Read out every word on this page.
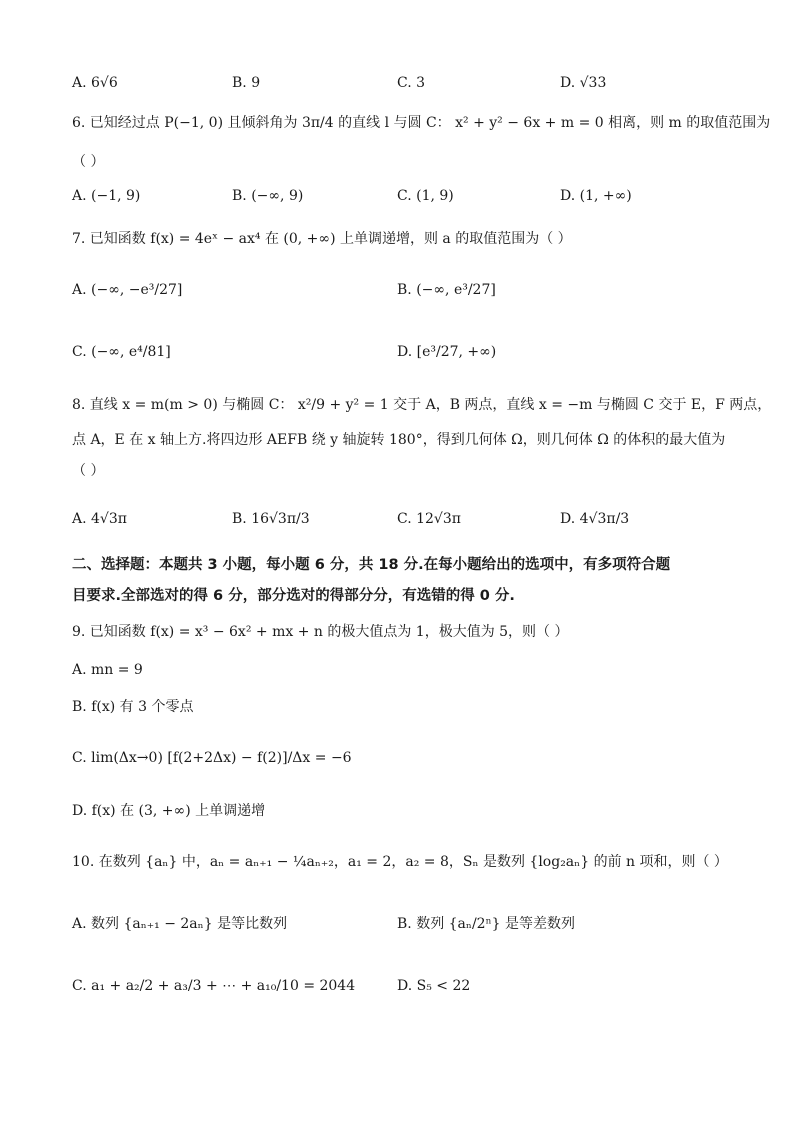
A. 6√6	B. 9	C. 3	D. √33
6. 已知经过点 P(−1, 0) 且倾斜角为 3π/4 的直线 l 与圆 C： x² + y² − 6x + m = 0 相离，则 m 的取值范围为
（ ）
A. (−1, 9)	B. (−∞, 9)	C. (1, 9)	D. (1, +∞)
7. 已知函数 f(x) = 4eˣ − ax⁴ 在 (0, +∞) 上单调递增，则 a 的取值范围为（ ）
A. (−∞, −e³/27]	B. (−∞, e³/27]
C. (−∞, e⁴/81]	D. [e³/27, +∞)
8. 直线 x = m(m > 0) 与椭圆 C： x²/9 + y² = 1 交于 A，B 两点，直线 x = −m 与椭圆 C 交于 E，F 两点，
点 A，E 在 x 轴上方.将四边形 AEFB 绕 y 轴旋转 180°，得到几何体 Ω，则几何体 Ω 的体积的最大值为
（ ）
A. 4√3π	B. 16√3π/3	C. 12√3π	D. 4√3π/3
二、选择题：本题共 3 小题，每小题 6 分，共 18 分.在每小题给出的选项中，有多项符合题
目要求.全部选对的得 6 分，部分选对的得部分分，有选错的得 0 分.
9. 已知函数 f(x) = x³ − 6x² + mx + n 的极大值点为 1，极大值为 5，则（ ）
A. mn = 9
B. f(x) 有 3 个零点
C. lim(Δx→0) [f(2+2Δx) − f(2)]/Δx = −6
D. f(x) 在 (3, +∞) 上单调递增
10. 在数列 {aₙ} 中，aₙ = aₙ₊₁ − ¼aₙ₊₂，a₁ = 2，a₂ = 8，Sₙ 是数列 {log₂aₙ} 的前 n 项和，则（ ）
A. 数列 {aₙ₊₁ − 2aₙ} 是等比数列	B. 数列 {aₙ/2ⁿ} 是等差数列
C. a₁ + a₂/2 + a₃/3 + ⋯ + a₁₀/10 = 2044	D. S₅ < 22
